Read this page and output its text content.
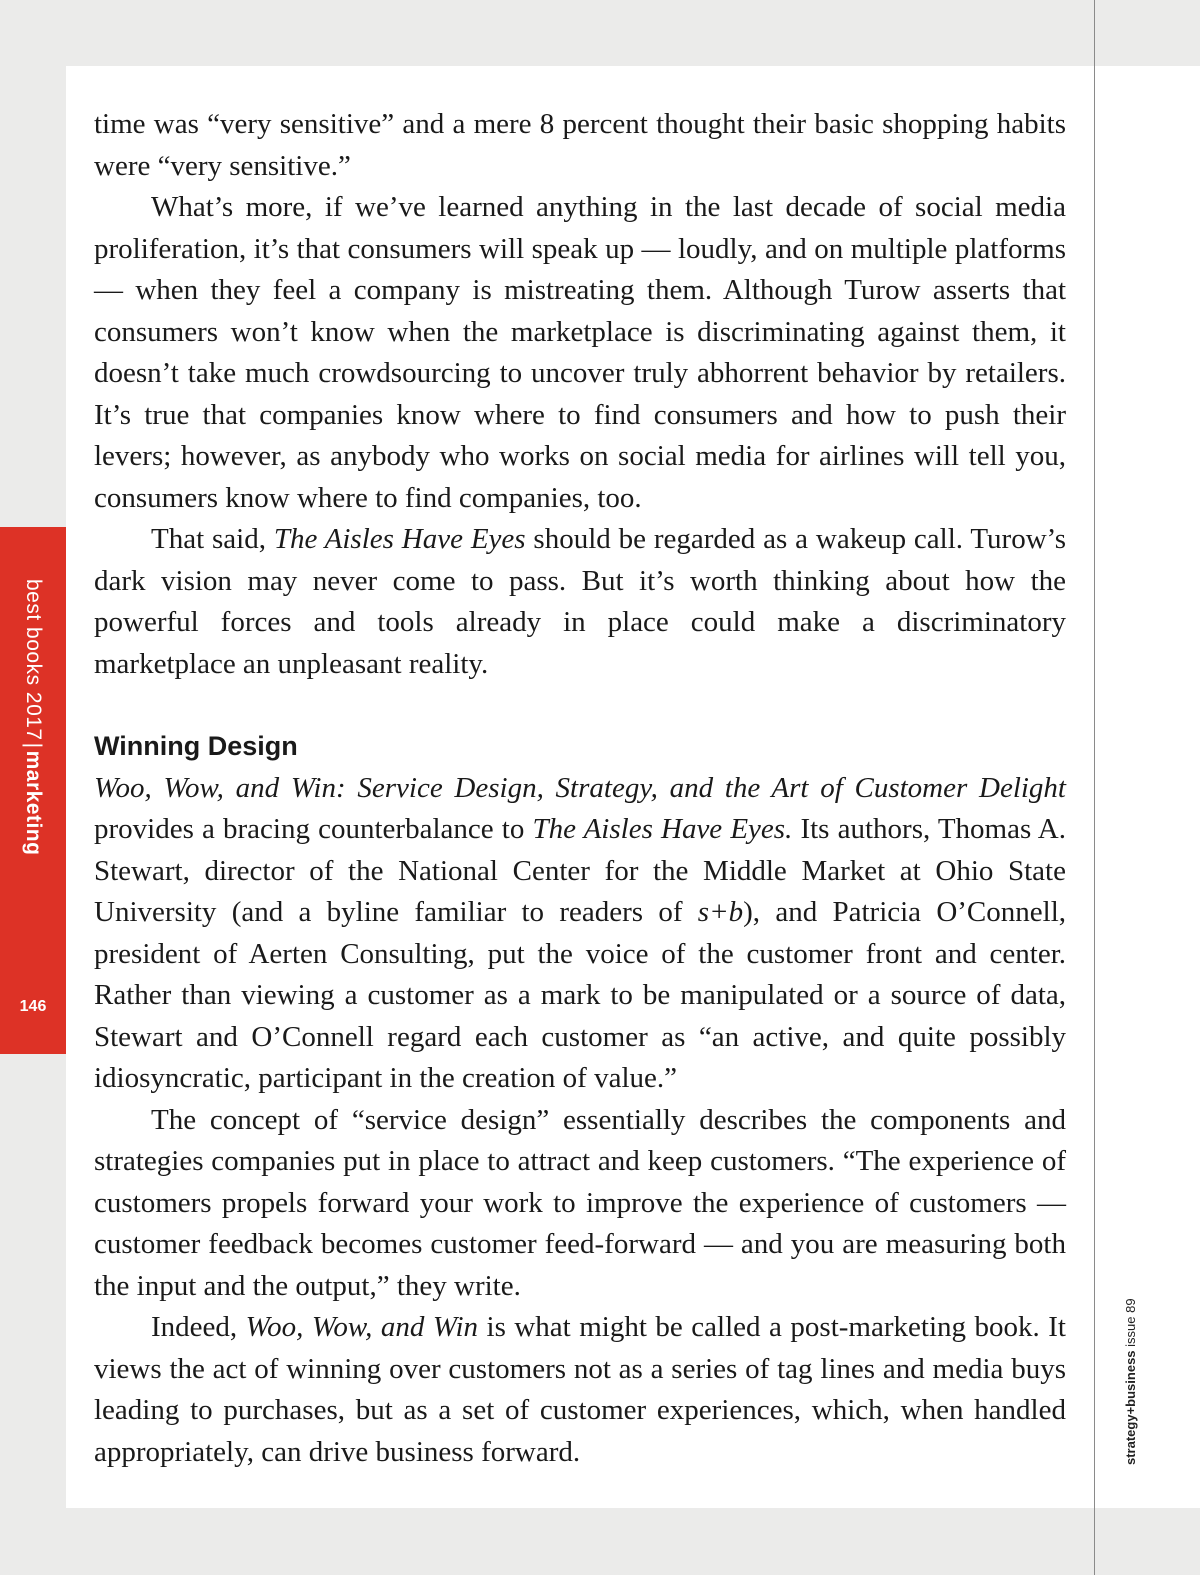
best books 2017|marketing
146
strategy+business issue 89

time was “very sensitive” and a mere 8 percent thought their basic shopping habits were “very sensitive.”

What’s more, if we’ve learned anything in the last decade of social media proliferation, it’s that consumers will speak up — loudly, and on multiple platforms — when they feel a company is mistreating them. Although Turow asserts that consumers won’t know when the marketplace is discriminating against them, it doesn’t take much crowdsourcing to uncover truly abhorrent behavior by retailers. It’s true that companies know where to find consumers and how to push their levers; however, as anybody who works on social media for airlines will tell you, consumers know where to find companies, too.

That said, The Aisles Have Eyes should be regarded as a wakeup call. Turow’s dark vision may never come to pass. But it’s worth thinking about how the powerful forces and tools already in place could make a discriminatory marketplace an unpleasant reality.

Winning Design

Woo, Wow, and Win: Service Design, Strategy, and the Art of Customer Delight provides a bracing counterbalance to The Aisles Have Eyes. Its authors, Thomas A. Stewart, director of the National Center for the Middle Market at Ohio State University (and a byline familiar to readers of s+b), and Patricia O’Connell, president of Aerten Consulting, put the voice of the customer front and center. Rather than viewing a customer as a mark to be manipulated or a source of data, Stewart and O’Connell regard each customer as “an active, and quite possibly idiosyncratic, participant in the creation of value.”

The concept of “service design” essentially describes the components and strategies companies put in place to attract and keep customers. “The experience of customers propels forward your work to improve the experience of customers — customer feedback becomes customer feed-forward — and you are measuring both the input and the output,” they write.

Indeed, Woo, Wow, and Win is what might be called a post-marketing book. It views the act of winning over customers not as a series of tag lines and media buys leading to purchases, but as a set of customer experiences, which, when handled appropriately, can drive business forward.
